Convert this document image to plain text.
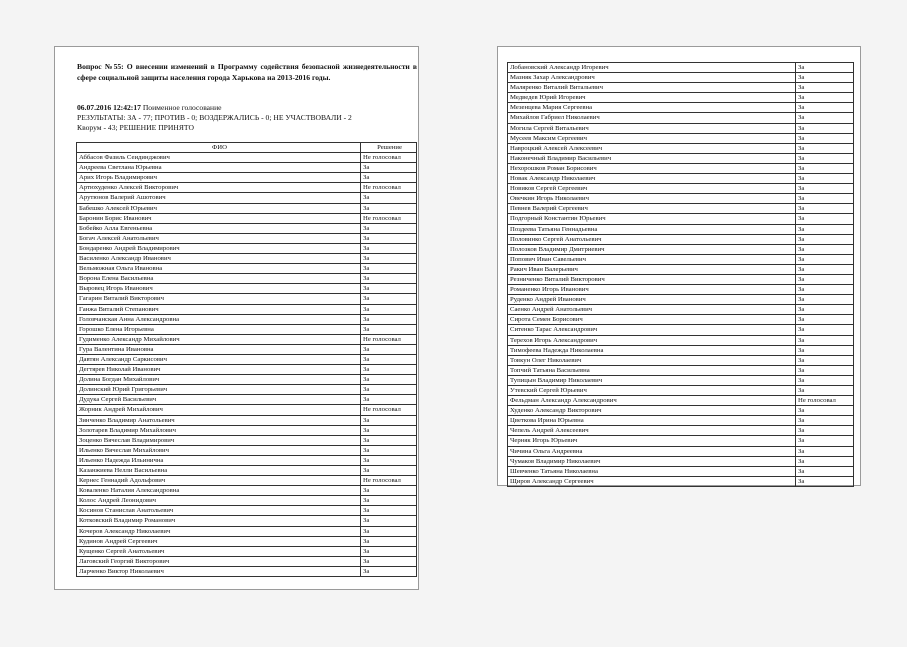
Вопрос №55: О внесении изменений в Программу содействия безопасной жизнедеятельности в сфере социальной защиты населения города Харькова на 2013-2016 годы.

06.07.2016 12:42:17 Поименное голосование
РЕЗУЛЬТАТЫ: ЗА - 77; ПРОТИВ - 0; ВОЗДЕРЖАЛИСЬ - 0; НЕ УЧАСТВОВАЛИ - 2
Кворум - 43; РЕШЕНИЕ ПРИНЯТО
ФИО	Решение
Аббасов Фазиль Сеидинджович	Не голосовал
Андреева Светлана Юрьевна	За
Арих Игорь Владимирович	За
Артюхуденко Алексей Викторович	Не голосовал
Арутюнов Валерий Ашотович	За
Бабешко Алексей Юрьевич	За
Баронин Борис Иванович	Не голосовал
Бобейко Алла Евгеньевна	За
Богач Алексей Анатольевич	За
Бондаренко Андрей Владимирович	За
Василенко Александр Иванович	За
Вельможная Ольга Ивановна	За
Ворона Елена Васильевна	За
Выровец Игорь Иванович	За
Гагарин Виталий Викторович	За
Ганжа Виталий Степанович	За
Головчанская Анна Александровна	За
Горошко Елена Игорьевна	За
Гудименко Александр Михайлович	Не голосовал
Гура Валентина Ивановна	За
Давтян Александр Саркисович	За
Дегтярев Николай Иванович	За
Долина Богдан Михайлович	За
Долинский Юрий Григорьевич	За
Дудука Сергей Васильевич	За
Жорник Андрей Михайлович	Не голосовал
Зинченко Владимир Анатольевич	За
Золотарев Владимир Михайлович	За
Зоценко Вячеслав Владимирович	За
Ильенко Вячеслав Михайлович	За
Ильенко Надежда Ильинична	За
Казанжиева Нелли Васильевна	За
Кернес Геннадий Адольфович	Не голосовал
Коваленко Наталия Александровна	За
Колос Андрей Леонидович	За
Косинов Станислав Анатольевич	За
Котковский Владимир Романович	За
Кочеров Александр Николаевич	За
Кудинов Андрей Сергеевич	За
Кущенко Сергей Анатольевич	За
Лаговский Георгий Викторович	За
Ларченко Виктор Николаевич	За
Лобановский Александр Игоревич	За
Мазняк Захар Александрович	За
Маляренко Виталий Витальевич	За
Медведев Юрий Игоревич	За
Мезенцева Мария Сергеевна	За
Михайлов Габриел Николаевич	За
Могила Сергей Витальевич	За
Мусеев Максим Сергеевич	За
Навроцкий Алексей Алексеевич	За
Наконечный Владимир Васильевич	За
Нехорошков Роман Борисович	За
Новак Александр Николаевич	За
Новиков Сергей Сергеевич	За
Овечкин Игорь Николаевич	За
Певнев Валерий Сергеевич	За
Подгорный Константин Юрьевич	За
Поздеева Татьяна Геннадьевна	За
Половинко Сергей Анатольевич	За
Полозков Владимир Дмитриевич	За
Попович Иван Савельевич	За
Ракич Иван Валерьевич	За
Резниченко Виталий Викторович	За
Романенко Игорь Иванович	За
Руденко Андрей Иванович	За
Саенко Андрей Анатольевич	За
Сирота Семен Борисович	За
Ситенко Тарас Александрович	За
Терехов Игорь Александрович	За
Тимофеева Надежда Николаевна	За
Товкун Олег Николаевич	За
Топчий Татьяна Васильевна	За
Тупицын Владимир Николаевич	За
Утевский Сергей Юрьевич	За
Фельдман Александр Александрович	Не голосовал
Худенко Александр Викторович	За
Цветкова Ирина Юрьевна	За
Чепель Андрей Алексеевич	За
Черняк Игорь Юрьевич	За
Чичина Ольга Андреевна	За
Чумаков Владимир Николаевич	За
Шевченко Татьяна Николаевна	За
Щиров Александр Сергеевич	За
